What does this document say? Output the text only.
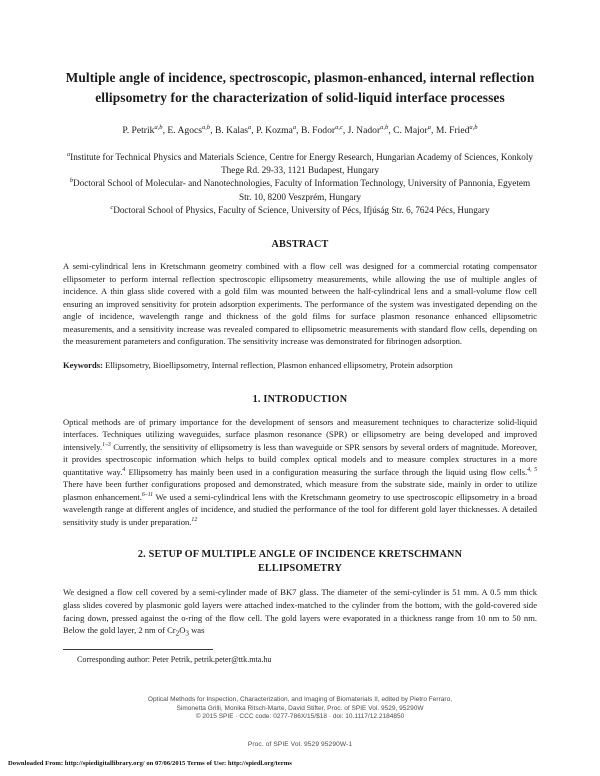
Multiple angle of incidence, spectroscopic, plasmon-enhanced, internal reflection ellipsometry for the characterization of solid-liquid interface processes

P. Petrik$^{a,b}$, E. Agocs$^{a,b}$, B. Kalas$^a$, P. Kozma$^a$, B. Fodor$^{a,c}$, J. Nador$^{a,b}$, C. Major$^a$, M. Fried$^{a,b}$

$^a$Institute for Technical Physics and Materials Science, Centre for Energy Research, Hungarian Academy of Sciences, Konkoly Thege Rd. 29-33, 1121 Budapest, Hungary

$^b$Doctoral School of Molecular- and Nanotechnologies, Faculty of Information Technology, University of Pannonia, Egyetem Str. 10, 8200 Veszprém, Hungary

$^c$Doctoral School of Physics, Faculty of Science, University of Pécs, Ifjúság Str. 6, 7624 Pécs, Hungary

ABSTRACT

A semi-cylindrical lens in Kretschmann geometry combined with a flow cell was designed for a commercial rotating compensator ellipsometer to perform internal reflection spectroscopic ellipsometry measurements, while allowing the use of multiple angles of incidence. A thin glass slide covered with a gold film was mounted between the half-cylindrical lens and a small-volume flow cell ensuring an improved sensitivity for protein adsorption experiments. The performance of the system was investigated depending on the angle of incidence, wavelength range and thickness of the gold films for surface plasmon resonance enhanced ellipsometric measurements, and a sensitivity increase was revealed compared to ellipsometric measurements with standard flow cells, depending on the measurement parameters and configuration. The sensitivity increase was demonstrated for fibrinogen adsorption.

Keywords: Ellipsometry, Bioellipsometry, Internal reflection, Plasmon enhanced ellipsometry, Protein adsorption

1. INTRODUCTION

Optical methods are of primary importance for the development of sensors and measurement techniques to characterize solid-liquid interfaces. Techniques utilizing waveguides, surface plasmon resonance (SPR) or ellipsometry are being developed and improved intensively.$^{1-3}$ Currently, the sensitivity of ellipsometry is less than waveguide or SPR sensors by several orders of magnitude. Moreover, it provides spectroscopic information which helps to build complex optical models and to measure complex structures in a more quantitative way.$^4$ Ellipsometry has mainly been used in a configuration measuring the surface through the liquid using flow cells.$^{4, 5}$ There have been further configurations proposed and demonstrated, which measure from the substrate side, mainly in order to utilize plasmon enhancement.$^{6-11}$ We used a semi-cylindrical lens with the Kretschmann geometry to use spectroscopic ellipsometry in a broad wavelength range at different angles of incidence, and studied the performance of the tool for different gold layer thicknesses. A detailed sensitivity study is under preparation.$^{12}$

2. SETUP OF MULTIPLE ANGLE OF INCIDENCE KRETSCHMANN
ELLIPSOMETRY

We designed a flow cell covered by a semi-cylinder made of BK7 glass. The diameter of the semi-cylinder is 51 mm. A 0.5 mm thick glass slides covered by plasmonic gold layers were attached index-matched to the cylinder from the bottom, with the gold-covered side facing down, pressed against the o-ring of the flow cell. The gold layers were evaporated in a thickness range from 10 nm to 50 nm. Below the gold layer, 2 nm of $Cr_2O_3$ was

Corresponding author: Peter Petrik, petrik.peter@ttk.mta.hu

Optical Methods for Inspection, Characterization, and Imaging of Biomaterials II, edited by Pietro Ferraro,
Simonetta Grilli, Monika Ritsch-Marte, David Stifter, Proc. of SPIE Vol. 9529, 95290W
© 2015 SPIE · CCC code: 0277-786X/15/$18 · doi: 10.1117/12.2184850
Proc. of SPIE Vol. 9529 95290W-1
Downloaded From: http://spiedigitallibrary.org/ on 07/06/2015 Terms of Use: http://spiedl.org/terms
